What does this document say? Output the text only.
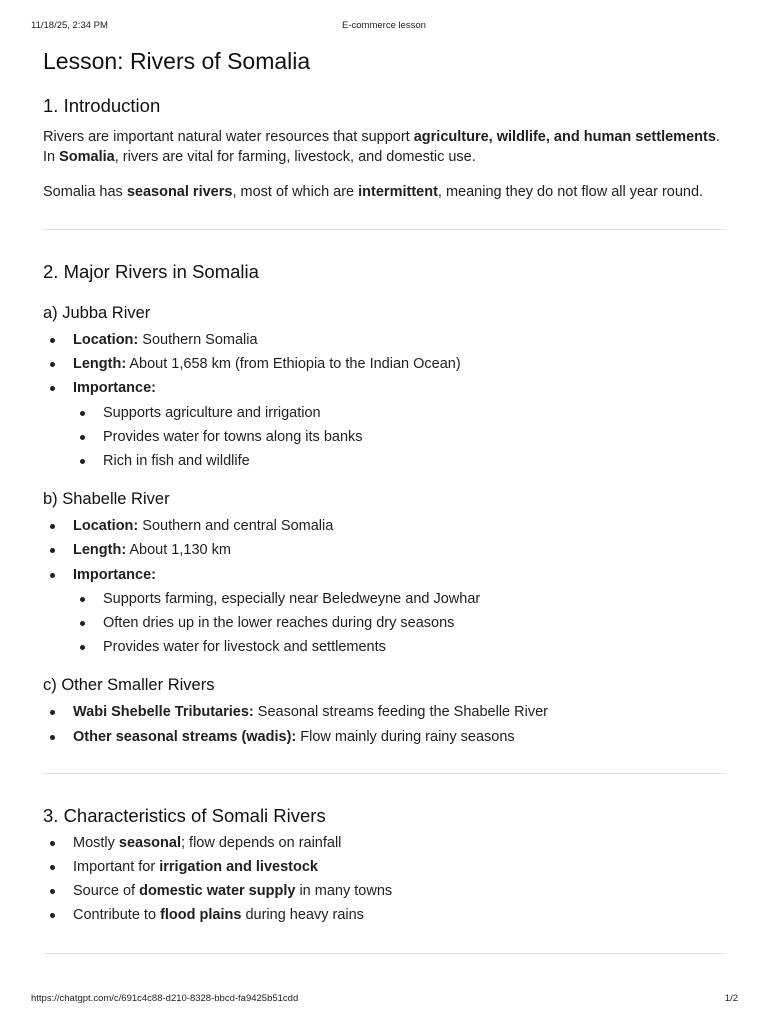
11/18/25, 2:34 PM	E-commerce lesson
Lesson: Rivers of Somalia
1. Introduction

Rivers are important natural water resources that support agriculture, wildlife, and human settlements. In Somalia, rivers are vital for farming, livestock, and domestic use.

Somalia has seasonal rivers, most of which are intermittent, meaning they do not flow all year round.

2. Major Rivers in Somalia
a) Jubba River
Location: Southern Somalia
Length: About 1,658 km (from Ethiopia to the Indian Ocean)
Importance:
Supports agriculture and irrigation
Provides water for towns along its banks
Rich in fish and wildlife
b) Shabelle River
Location: Southern and central Somalia
Length: About 1,130 km
Importance:
Supports farming, especially near Beledweyne and Jowhar
Often dries up in the lower reaches during dry seasons
Provides water for livestock and settlements
c) Other Smaller Rivers
Wabi Shebelle Tributaries: Seasonal streams feeding the Shabelle River
Other seasonal streams (wadis): Flow mainly during rainy seasons
3. Characteristics of Somali Rivers
Mostly seasonal; flow depends on rainfall
Important for irrigation and livestock
Source of domestic water supply in many towns
Contribute to flood plains during heavy rains
https://chatgpt.com/c/691c4c88-d210-8328-bbcd-fa9425b51cdd	1/2
